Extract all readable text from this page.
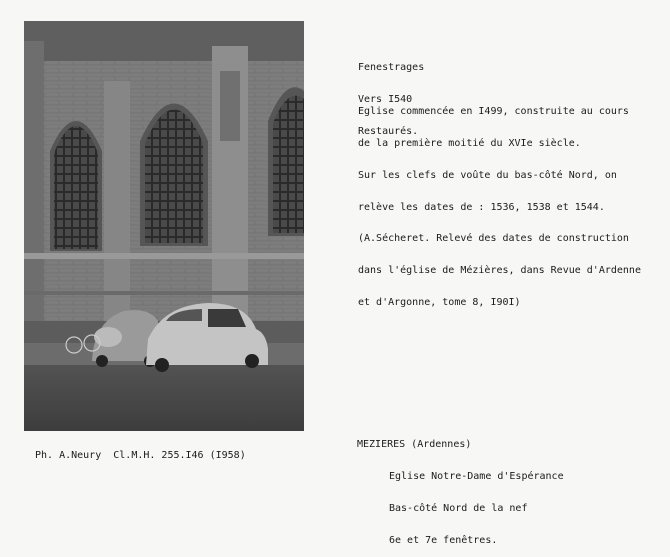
Fenestrages

Vers I540

Restaurés.

Eglise commencée en I499, construite au cours

de la première moitié du XVIe siècle.

Sur les clefs de voûte du bas-côté Nord, on

relève les dates de : 1536, 1538 et 1544.

(A.Sécheret. Relevé des dates de construction

dans l'église de Mézières, dans Revue d'Ardenne

et d'Argonne, tome 8, I90I)

Ph. A.Neury  Cl.M.H. 255.I46 (I958)
MEZIERES (Ardennes)

Eglise Notre-Dame d'Espérance

Bas-côté Nord de la nef

6e et 7e fenêtres.
